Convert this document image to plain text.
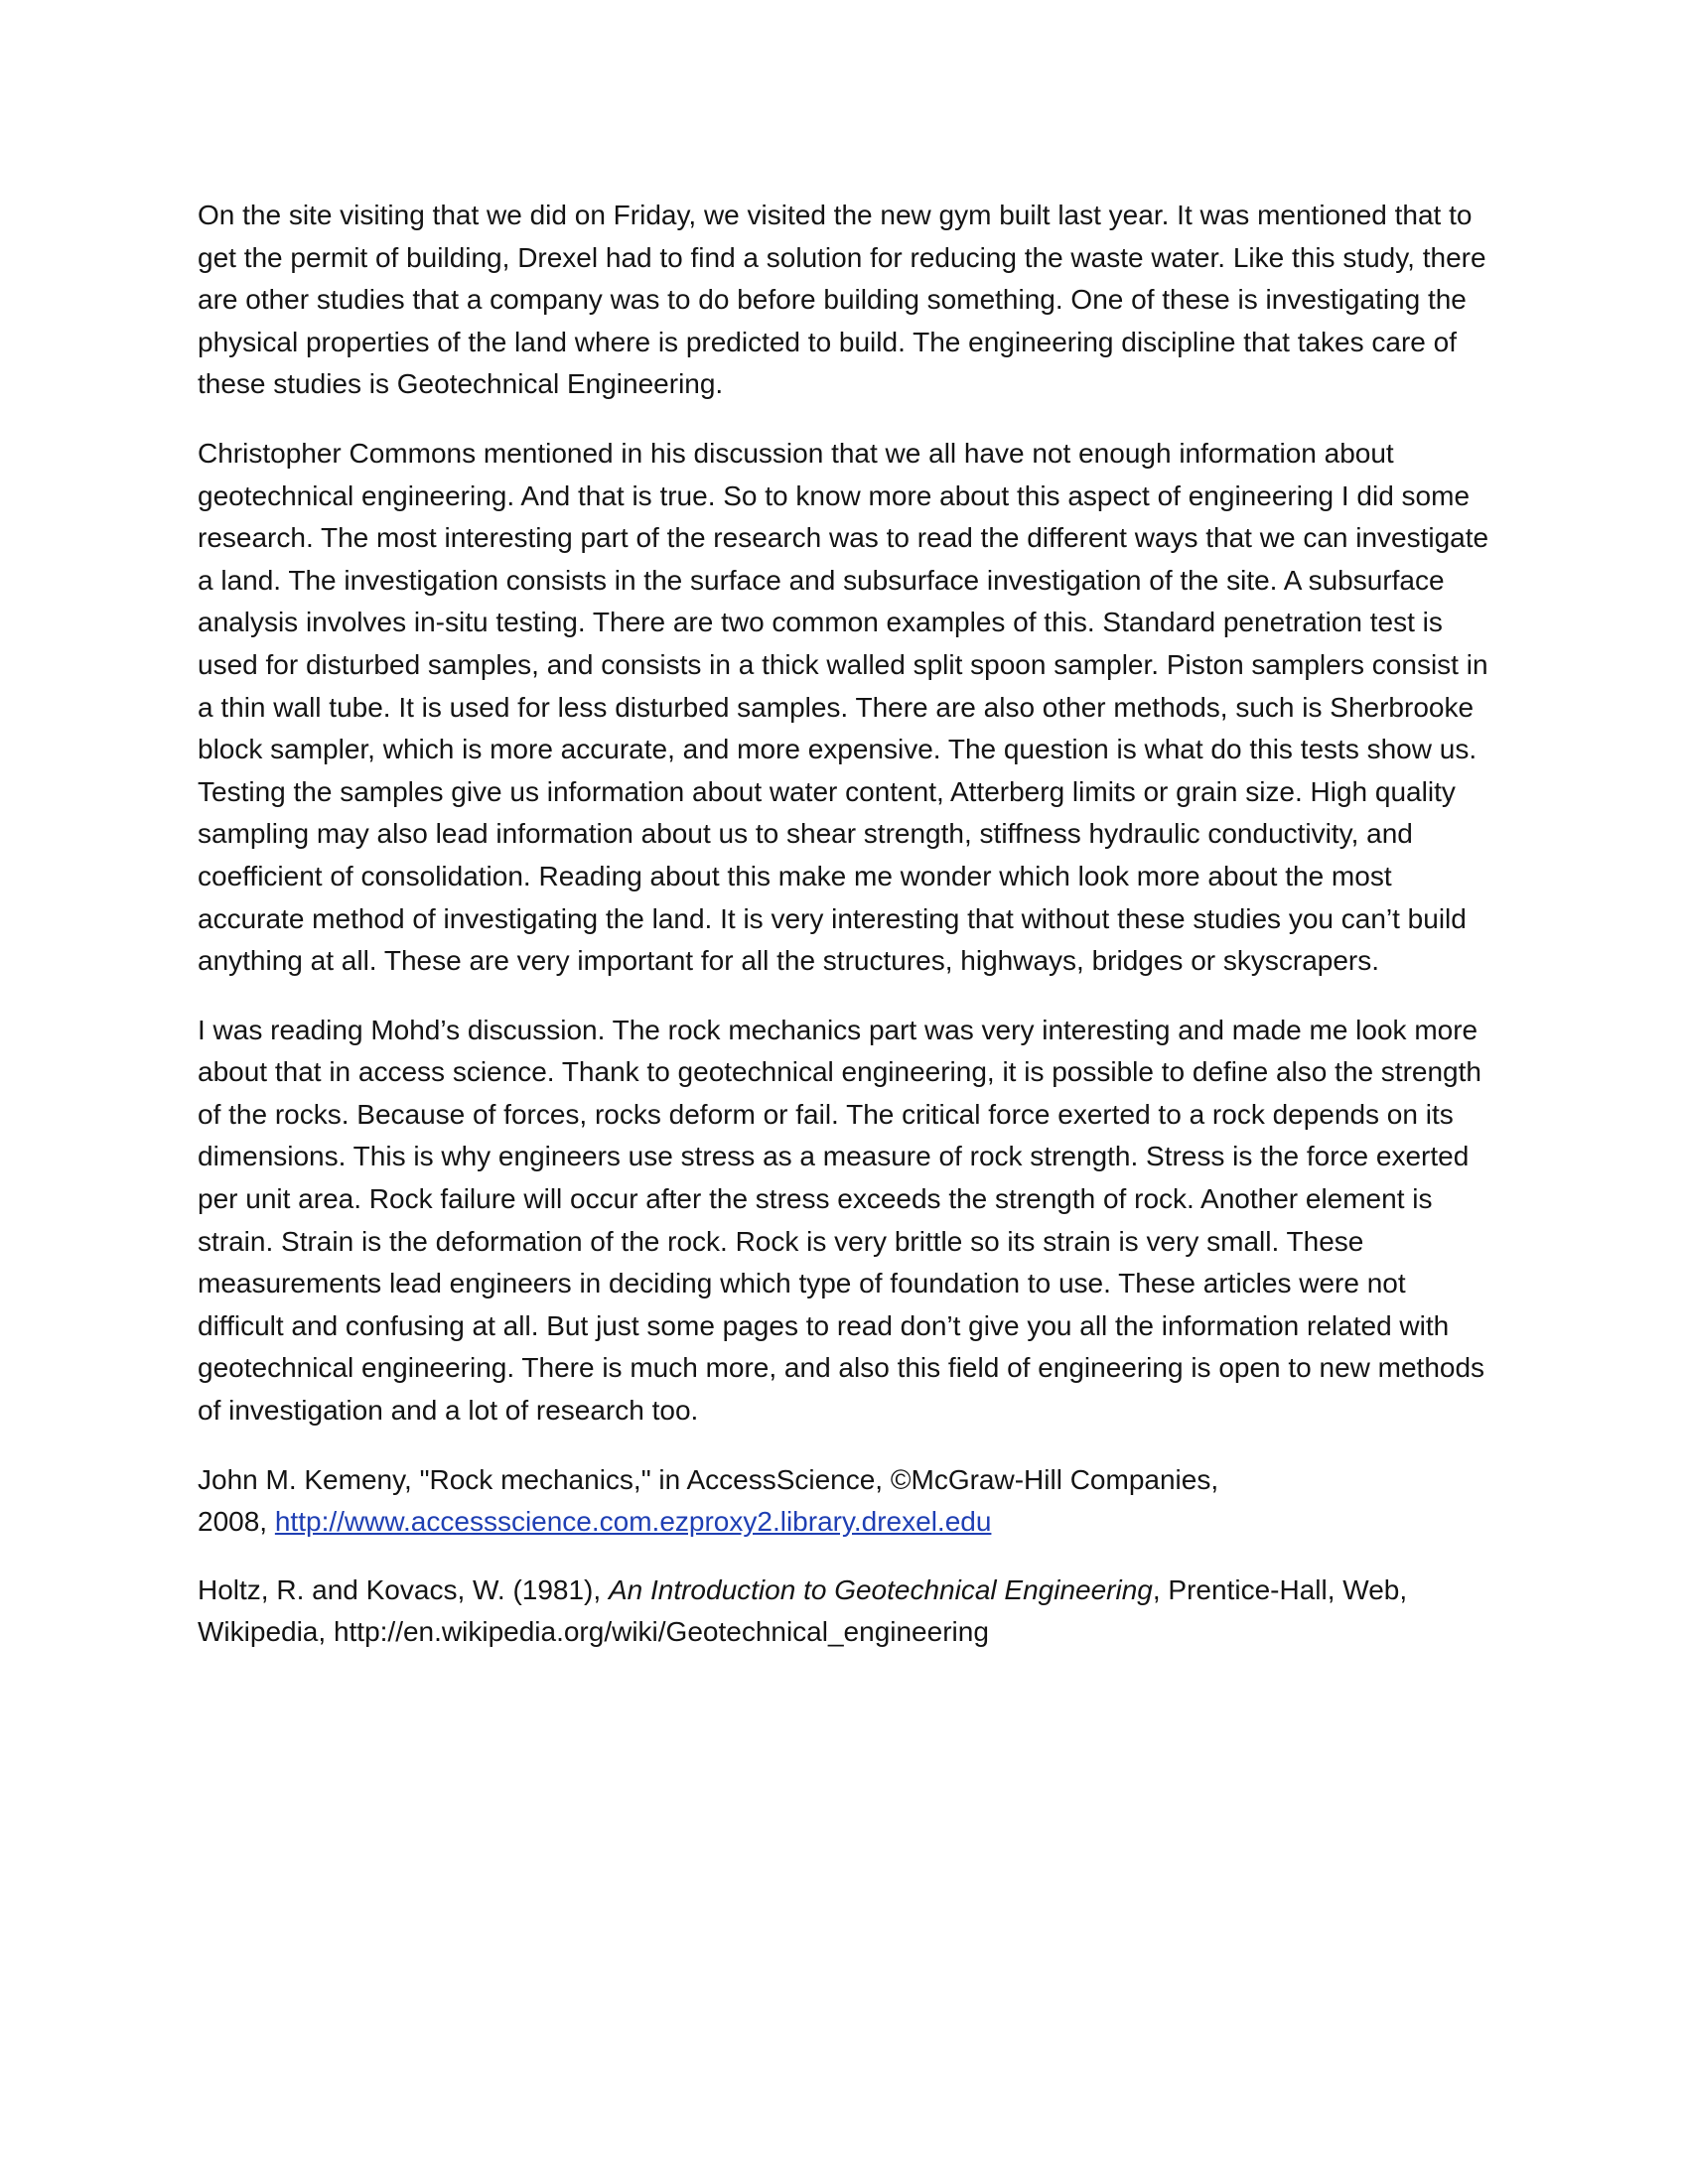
On the site visiting that we did on Friday, we visited the new gym built last year. It was mentioned that to get the permit of building, Drexel had to find a solution for reducing the waste water. Like this study, there are other studies that a company was to do before building something. One of these is investigating the physical properties of the land where is predicted to build. The engineering discipline that takes care of these studies is Geotechnical Engineering.

Christopher Commons mentioned in his discussion that we all have not enough information about geotechnical engineering. And that is true. So to know more about this aspect of engineering I did some research. The most interesting part of the research was to read the different ways that we can investigate a land. The investigation consists in the surface and subsurface investigation of the site. A subsurface analysis involves in-situ testing. There are two common examples of this. Standard penetration test is used for disturbed samples, and consists in a thick walled split spoon sampler. Piston samplers consist in a thin wall tube. It is used for less disturbed samples. There are also other methods, such is Sherbrooke block sampler, which is more accurate, and more expensive. The question is what do this tests show us. Testing the samples give us information about water content, Atterberg limits or grain size. High quality sampling may also lead information about us to shear strength, stiffness hydraulic conductivity, and coefficient of consolidation. Reading about this make me wonder which look more about the most accurate method of investigating the land. It is very interesting that without these studies you can’t build anything at all. These are very important for all the structures, highways, bridges or skyscrapers.

I was reading Mohd’s discussion. The rock mechanics part was very interesting and made me look more about that in access science. Thank to geotechnical engineering, it is possible to define also the strength of the rocks. Because of forces, rocks deform or fail. The critical force exerted to a rock depends on its dimensions. This is why engineers use stress as a measure of rock strength. Stress is the force exerted per unit area. Rock failure will occur after the stress exceeds the strength of rock. Another element is strain. Strain is the deformation of the rock. Rock is very brittle so its strain is very small. These measurements lead engineers in deciding which type of foundation to use. These articles were not difficult and confusing at all. But just some pages to read don’t give you all the information related with geotechnical engineering. There is much more, and also this field of engineering is open to new methods of investigation and a lot of research too.

John M. Kemeny, "Rock mechanics," in AccessScience, ©McGraw-Hill Companies,
2008, http://www.accessscience.com.ezproxy2.library.drexel.edu

Holtz, R. and Kovacs, W. (1981), An Introduction to Geotechnical Engineering, Prentice-Hall, Web,
Wikipedia, http://en.wikipedia.org/wiki/Geotechnical_engineering
